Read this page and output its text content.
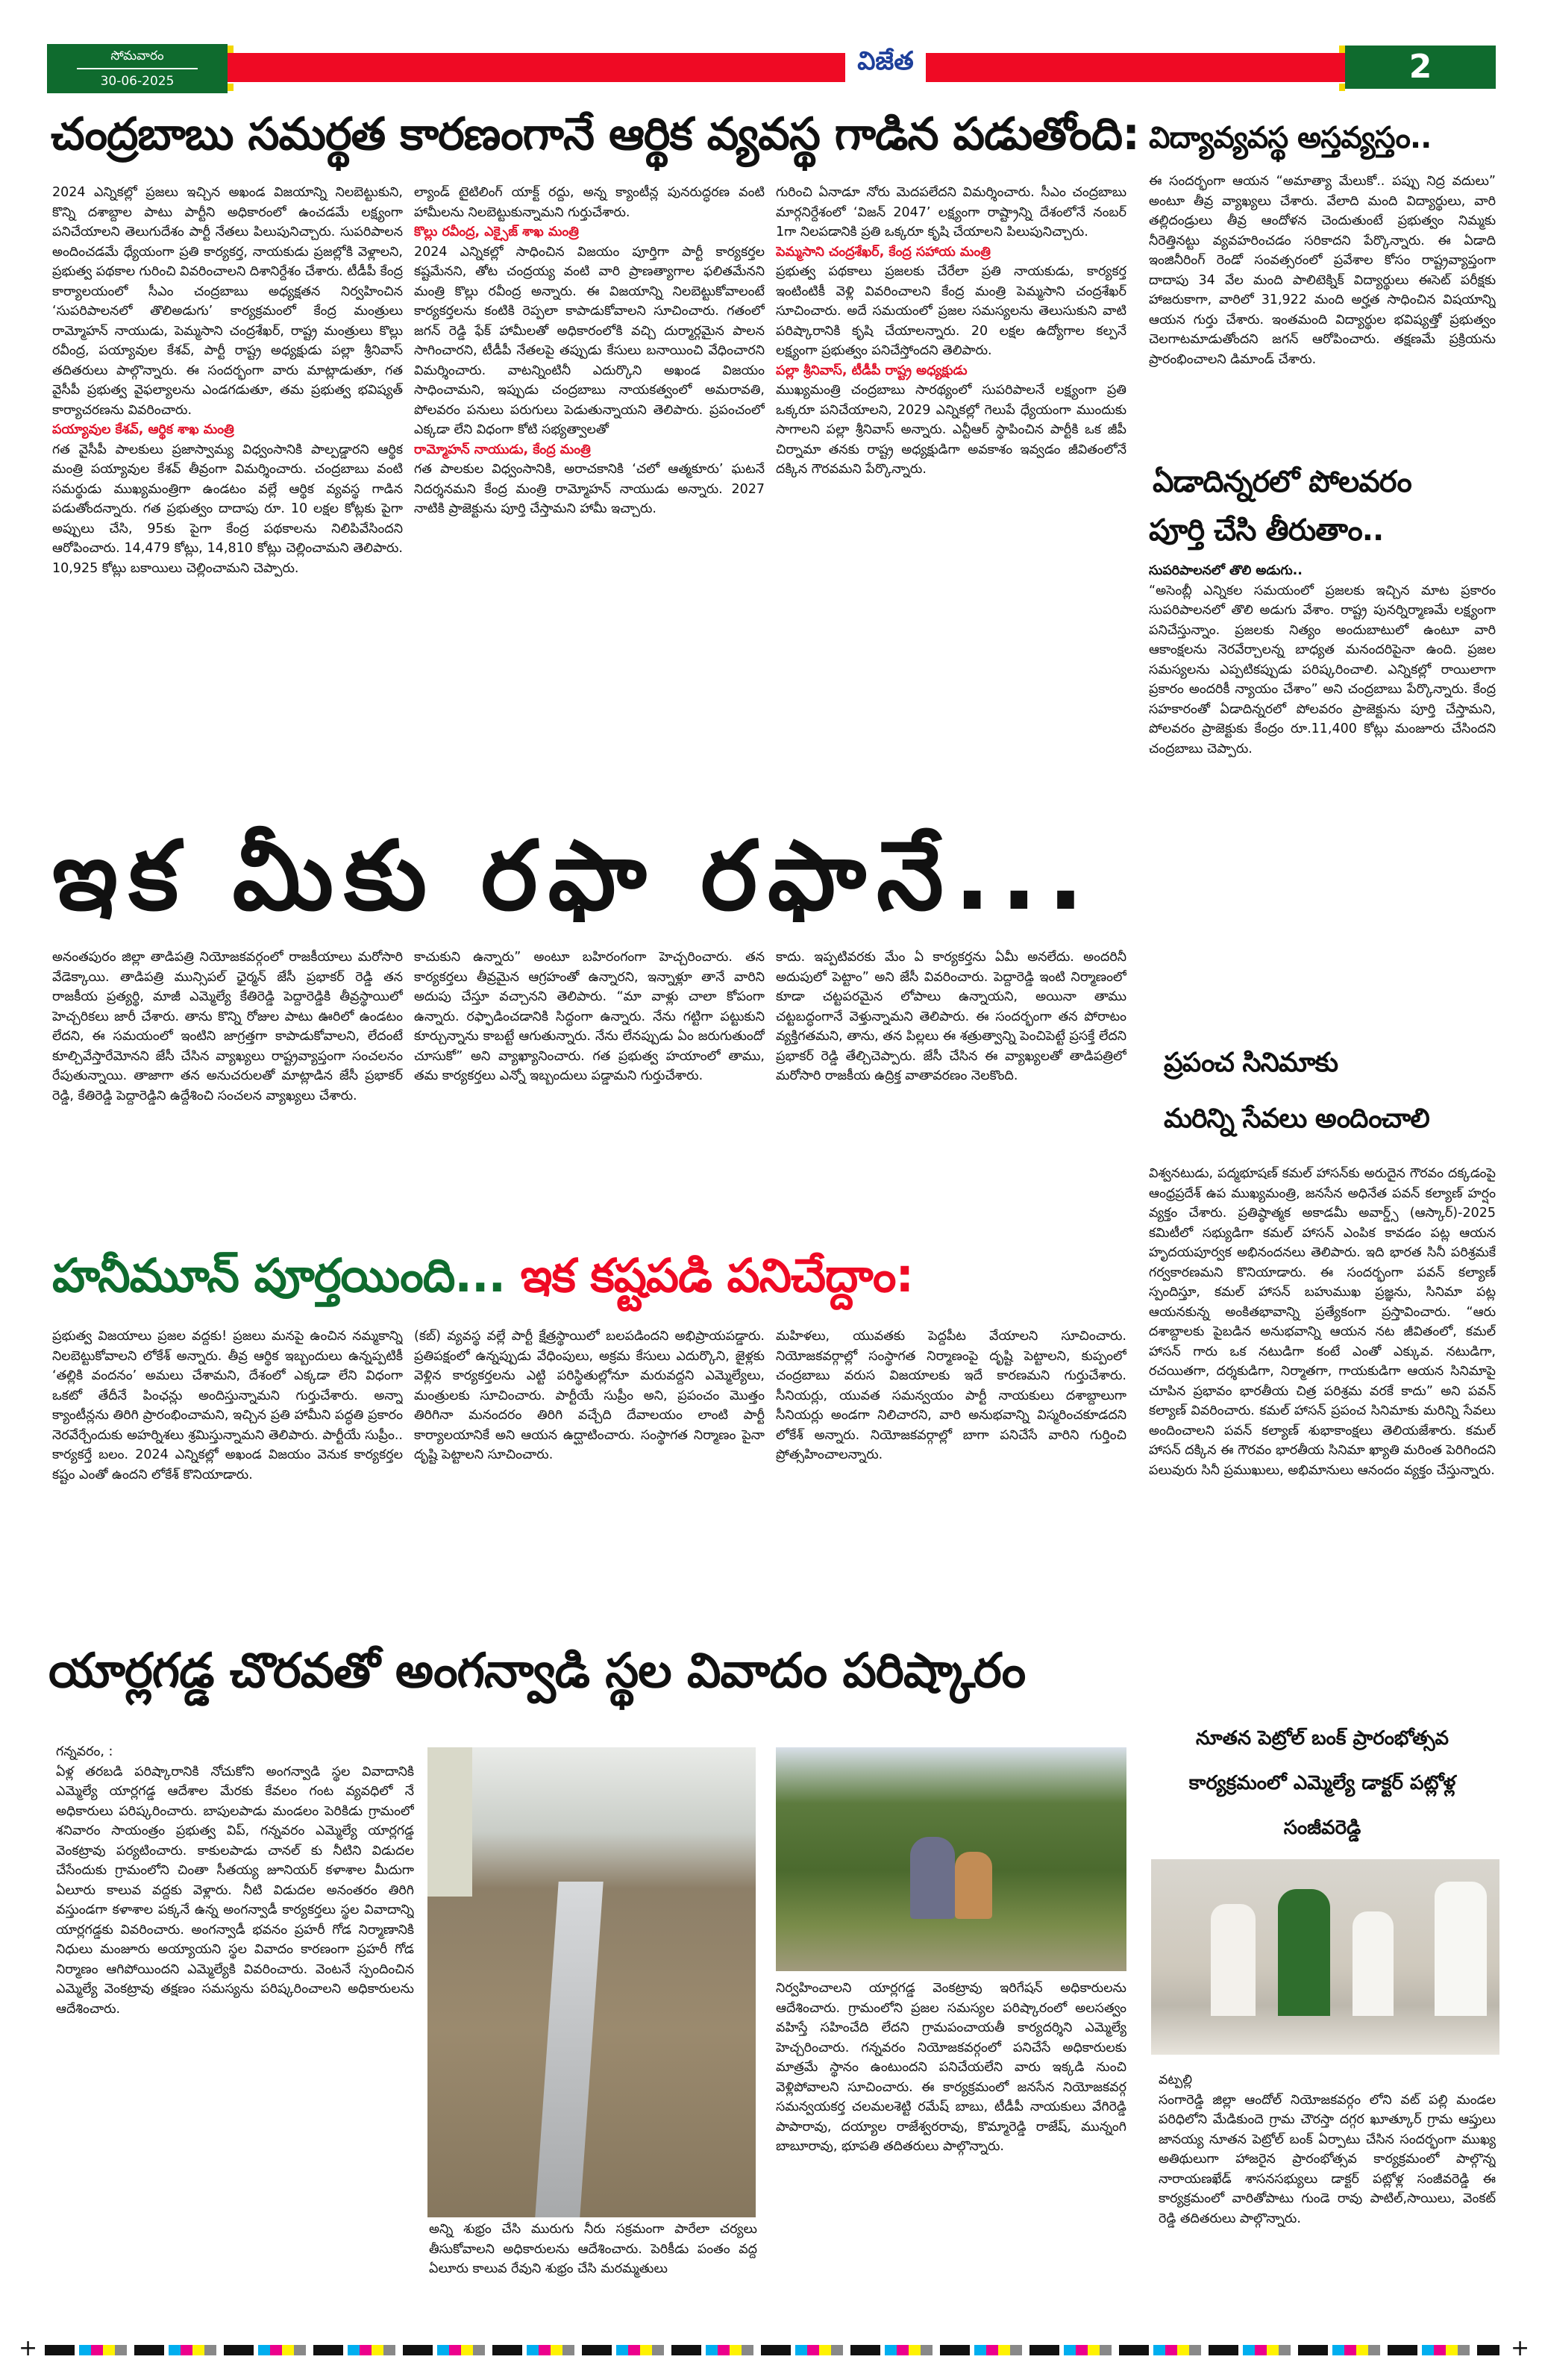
సోమవారం
30-06-2025
విజేత	2
చంద్రబాబు సమర్థత కారణంగానే ఆర్థిక వ్యవస్థ గాడిన పడుతోంది:

2024 ఎన్నికల్లో ప్రజలు ఇచ్చిన అఖండ విజయాన్ని నిలబెట్టుకుని, కొన్ని దశాబ్దాల పాటు పార్టీని అధికారంలో ఉంచడమే లక్ష్యంగా పనిచేయాలని తెలుగుదేశం పార్టీ నేతలు పిలుపునిచ్చారు. సుపరిపాలన అందించడమే ధ్యేయంగా ప్రతి కార్యకర్త, నాయకుడు ప్రజల్లోకి వెళ్లాలని, ప్రభుత్వ పథకాల గురించి వివరించాలని దిశానిర్దేశం చేశారు. టీడీపీ కేంద్ర కార్యాలయంలో సీఎం చంద్రబాబు అధ్యక్షతన నిర్వహించిన ‘సుపరిపాలనలో తొలిఅడుగు’ కార్యక్రమంలో కేంద్ర మంత్రులు రామ్మోహన్ నాయుడు, పెమ్మసాని చంద్రశేఖర్, రాష్ట్ర మంత్రులు కొల్లు రవీంద్ర, పయ్యావుల కేశవ్, పార్టీ రాష్ట్ర అధ్యక్షుడు పల్లా శ్రీనివాస్ తదితరులు పాల్గొన్నారు. ఈ సందర్భంగా వారు మాట్లాడుతూ, గత వైసీపీ ప్రభుత్వ వైఫల్యాలను ఎండగడుతూ, తమ ప్రభుత్వ భవిష్యత్ కార్యాచరణను వివరించారు.

పయ్యావుల కేశవ్, ఆర్థిక శాఖ మంత్రి

గత వైసీపీ పాలకులు ప్రజాస్వామ్య విధ్వంసానికి పాల్పడ్డారని ఆర్థిక మంత్రి పయ్యావుల కేశవ్ తీవ్రంగా విమర్శించారు. చంద్రబాబు వంటి సమర్థుడు ముఖ్యమంత్రిగా ఉండటం వల్లే ఆర్థిక వ్యవస్థ గాడిన పడుతోందన్నారు. గత ప్రభుత్వం దాదాపు రూ. 10 లక్షల కోట్లకు పైగా అప్పులు చేసి, 95కు పైగా కేంద్ర పథకాలను నిలిపివేసిందని ఆరోపించారు. 14,479 కోట్లు, 14,810 కోట్లు చెల్లించామని తెలిపారు. 10,925 కోట్లు బకాయిలు చెల్లించామని చెప్పారు.

ల్యాండ్ టైటిలింగ్ యాక్ట్ రద్దు, అన్న క్యాంటీన్ల పునరుద్ధరణ వంటి హామీలను నిలబెట్టుకున్నామని గుర్తుచేశారు.

కొల్లు రవీంద్ర, ఎక్సైజ్ శాఖ మంత్రి

2024 ఎన్నికల్లో సాధించిన విజయం పూర్తిగా పార్టీ కార్యకర్తల కష్టమేనని, తోట చంద్రయ్య వంటి వారి ప్రాణత్యాగాల ఫలితమేనని మంత్రి కొల్లు రవీంద్ర అన్నారు. ఈ విజయాన్ని నిలబెట్టుకోవాలంటే కార్యకర్తలను కంటికి రెప్పలా కాపాడుకోవాలని సూచించారు. గతంలో జగన్ రెడ్డి ఫేక్ హామీలతో అధికారంలోకి వచ్చి దుర్మార్గమైన పాలన సాగించారని, టీడీపీ నేతలపై తప్పుడు కేసులు బనాయించి వేధించారని విమర్శించారు. వాటన్నింటినీ ఎదుర్కొని అఖండ విజయం సాధించామని, ఇప్పుడు చంద్రబాబు నాయకత్వంలో అమరావతి, పోలవరం పనులు పరుగులు పెడుతున్నాయని తెలిపారు. ప్రపంచంలో ఎక్కడా లేని విధంగా కోటి సభ్యత్వాలతో

రామ్మోహన్ నాయుడు, కేంద్ర మంత్రి

గత పాలకుల విధ్వంసానికి, అరాచకానికి ‘చలో ఆత్మకూరు’ ఘటనే నిదర్శనమని కేంద్ర మంత్రి రామ్మోహన్ నాయుడు అన్నారు. 2027 నాటికి ప్రాజెక్టును పూర్తి చేస్తామని హామీ ఇచ్చారు.

గురించి ఏనాడూ నోరు మెదపలేదని విమర్శించారు. సీఎం చంద్రబాబు మార్గనిర్దేశంలో ‘విజన్ 2047’ లక్ష్యంగా రాష్ట్రాన్ని దేశంలోనే నంబర్ 1గా నిలపడానికి ప్రతి ఒక్కరూ కృషి చేయాలని పిలుపునిచ్చారు.

పెమ్మసాని చంద్రశేఖర్, కేంద్ర సహాయ మంత్రి

ప్రభుత్వ పథకాలు ప్రజలకు చేరేలా ప్రతి నాయకుడు, కార్యకర్త ఇంటింటికీ వెళ్లి వివరించాలని కేంద్ర మంత్రి పెమ్మసాని చంద్రశేఖర్ సూచించారు. అదే సమయంలో ప్రజల సమస్యలను తెలుసుకుని వాటి పరిష్కారానికి కృషి చేయాలన్నారు. 20 లక్షల ఉద్యోగాల కల్పనే లక్ష్యంగా ప్రభుత్వం పనిచేస్తోందని తెలిపారు.

పల్లా శ్రీనివాస్, టీడీపీ రాష్ట్ర అధ్యక్షుడు

ముఖ్యమంత్రి చంద్రబాబు సారథ్యంలో సుపరిపాలనే లక్ష్యంగా ప్రతి ఒక్కరూ పనిచేయాలని, 2029 ఎన్నికల్లో గెలుపే ధ్యేయంగా ముందుకు సాగాలని పల్లా శ్రీనివాస్ అన్నారు. ఎన్టీఆర్ స్థాపించిన పార్టీకి ఒక జీపీ చిర్నామా తనకు రాష్ట్ర అధ్యక్షుడిగా అవకాశం ఇవ్వడం జీవితంలోనే దక్కిన గౌరవమని పేర్కొన్నారు.

విద్యావ్యవస్థ అస్తవ్యస్తం..
ఈ సందర్భంగా ఆయన “అమాత్యా మేలుకో.. పప్పు నిద్ర వదులు” అంటూ తీవ్ర వ్యాఖ్యలు చేశారు. వేలాది మంది విద్యార్థులు, వారి తల్లిదండ్రులు తీవ్ర ఆందోళన చెందుతుంటే ప్రభుత్వం నిమ్మకు నీరెత్తినట్టు వ్యవహరించడం సరికాదని పేర్కొన్నారు. ఈ ఏడాది ఇంజినీరింగ్ రెండో సంవత్సరంలో ప్రవేశాల కోసం రాష్ట్రవ్యాప్తంగా దాదాపు 34 వేల మంది పాలిటెక్నిక్ విద్యార్థులు ఈసెట్ పరీక్షకు హాజరుకాగా, వారిలో 31,922 మంది అర్హత సాధించిన విషయాన్ని ఆయన గుర్తు చేశారు. ఇంతమంది విద్యార్థుల భవిష్యత్తో ప్రభుత్వం చెలగాటమాడుతోందని జగన్ ఆరోపించారు. తక్షణమే ప్రక్రియను ప్రారంభించాలని డిమాండ్ చేశారు.
ఏడాదిన్నరలో పోలవరం
పూర్తి చేసి తీరుతాం..

సుపరిపాలనలో తొలి అడుగు..

“అసెంబ్లీ ఎన్నికల సమయంలో ప్రజలకు ఇచ్చిన మాట ప్రకారం సుపరిపాలనలో తొలి అడుగు వేశాం. రాష్ట్ర పునర్నిర్మాణమే లక్ష్యంగా పనిచేస్తున్నాం. ప్రజలకు నిత్యం అందుబాటులో ఉంటూ వారి ఆకాంక్షలను నెరవేర్చాలన్న బాధ్యత మనందరిపైనా ఉంది. ప్రజల సమస్యలను ఎప్పటికప్పుడు పరిష్కరించాలి. ఎన్నికల్లో రాయిలాగా ప్రకారం అందరికీ న్యాయం చేశాం” అని చంద్రబాబు పేర్కొన్నారు. కేంద్ర సహకారంతో ఏడాదిన్నరలో పోలవరం ప్రాజెక్టును పూర్తి చేస్తామని, పోలవరం ప్రాజెక్టుకు కేంద్రం రూ.11,400 కోట్లు మంజూరు చేసిందని చంద్రబాబు చెప్పారు.

ప్రపంచ సినిమాకు
మరిన్ని సేవలు అందించాలి
విశ్వనటుడు, పద్మభూషణ్ కమల్ హాసన్‌కు అరుదైన గౌరవం దక్కడంపై ఆంధ్రప్రదేశ్ ఉప ముఖ్యమంత్రి, జనసేన అధినేత పవన్ కల్యాణ్ హర్షం వ్యక్తం చేశారు. ప్రతిష్ఠాత్మక అకాడమీ అవార్డ్స్ (ఆస్కార్)-2025 కమిటీలో సభ్యుడిగా కమల్ హాసన్ ఎంపిక కావడం పట్ల ఆయన హృదయపూర్వక అభినందనలు తెలిపారు. ఇది భారత సినీ పరిశ్రమకే గర్వకారణమని కొనియాడారు. ఈ సందర్భంగా పవన్ కల్యాణ్ స్పందిస్తూ, కమల్ హాసన్ బహుముఖ ప్రజ్ఞను, సినిమా పట్ల ఆయనకున్న అంకితభావాన్ని ప్రత్యేకంగా ప్రస్తావించారు. “ఆరు దశాబ్దాలకు పైబడిన అనుభవాన్ని ఆయన నట జీవితంలో, కమల్ హాసన్ గారు ఒక నటుడిగా కంటే ఎంతో ఎక్కువ. నటుడిగా, రచయితగా, దర్శకుడిగా, నిర్మాతగా, గాయకుడిగా ఆయన సినిమాపై చూపిన ప్రభావం భారతీయ చిత్ర పరిశ్రమ వరకే కాదు” అని పవన్ కల్యాణ్ వివరించారు. కమల్ హాసన్ ప్రపంచ సినిమాకు మరిన్ని సేవలు అందించాలని పవన్ కల్యాణ్ శుభాకాంక్షలు తెలియజేశారు. కమల్ హాసన్ దక్కిన ఈ గౌరవం భారతీయ సినిమా ఖ్యాతి మరింత పెరిగిందని పలువురు సినీ ప్రముఖులు, అభిమానులు ఆనందం వ్యక్తం చేస్తున్నారు.
నూతన పెట్రోల్ బంక్ ప్రారంభోత్సవ కార్యక్రమంలో ఎమ్మెల్యే డాక్టర్ పట్లోళ్ల సంజీవరెడ్డి

వట్పల్లి

సంగారెడ్డి జిల్లా ఆందోల్ నియోజకవర్గం లోని వట్ పల్లి మండల పరిధిలోని మేడికుందె గ్రామ చౌరస్తా దగ్గర ఖూత్కూర్ గ్రామ ఆప్తులు జానయ్య నూతన పెట్రోల్ బంక్ ఏర్పాటు చేసిన సందర్భంగా ముఖ్య అతిథులుగా హాజరైన ప్రారంభోత్సవ కార్యక్రమంలో పాల్గొన్న నారాయణఖేడ్ శాసనసభ్యులు డాక్టర్ పట్లోళ్ల సంజీవరెడ్డి ఈ కార్యక్రమంలో వారితోపాటు గుండె రావు పాటిల్,సాయిలు, వెంకట్ రెడ్డి తదితరులు పాల్గొన్నారు.

ఇక మీకు రఫా రఫానే...
అనంతపురం జిల్లా తాడిపత్రి నియోజకవర్గంలో రాజకీయాలు మరోసారి వేడెక్కాయి. తాడిపత్రి మున్సిపల్ ఛైర్మన్ జేసీ ప్రభాకర్ రెడ్డి తన రాజకీయ ప్రత్యర్థి, మాజీ ఎమ్మెల్యే కేతిరెడ్డి పెద్దారెడ్డికి తీవ్రస్థాయిలో హెచ్చరికలు జారీ చేశారు. తాను కొన్ని రోజుల పాటు ఊరిలో ఉండటం లేదని, ఈ సమయంలో ఇంటిని జాగ్రత్తగా కాపాడుకోవాలని, లేదంటే కూల్చివేస్తారేమోనని జేసీ చేసిన వ్యాఖ్యలు రాష్ట్రవ్యాప్తంగా సంచలనం రేపుతున్నాయి. తాజాగా తన అనుచరులతో మాట్లాడిన జేసీ ప్రభాకర్ రెడ్డి, కేతిరెడ్డి పెద్దారెడ్డిని ఉద్దేశించి సంచలన వ్యాఖ్యలు చేశారు.
కాచుకుని ఉన్నారు” అంటూ బహిరంగంగా హెచ్చరించారు. తన కార్యకర్తలు తీవ్రమైన ఆగ్రహంతో ఉన్నారని, ఇన్నాళ్లూ తానే వారిని అదుపు చేస్తూ వచ్చానని తెలిపారు. “మా వాళ్లు చాలా కోపంగా ఉన్నారు. రఫ్ఫాడించడానికి సిద్ధంగా ఉన్నారు. నేను గట్టిగా పట్టుకుని కూర్చున్నాను కాబట్టే ఆగుతున్నారు. నేను లేనప్పుడు ఏం జరుగుతుందో చూసుకో” అని వ్యాఖ్యానించారు. గత ప్రభుత్వ హయాంలో తాము, తమ కార్యకర్తలు ఎన్నో ఇబ్బందులు పడ్డామని గుర్తుచేశారు.
కాదు. ఇప్పటివరకు మేం ఏ కార్యకర్తను ఏమీ అనలేదు. అందరినీ అదుపులో పెట్టాం” అని జేసీ వివరించారు. పెద్దారెడ్డి ఇంటి నిర్మాణంలో కూడా చట్టపరమైన లోపాలు ఉన్నాయని, అయినా తాము చట్టబద్ధంగానే వెళ్తున్నామని తెలిపారు. ఈ సందర్భంగా తన పోరాటం వ్యక్తిగతమని, తాను, తన పిల్లలు ఈ శత్రుత్వాన్ని పెంచిపెట్టే ప్రసక్తే లేదని ప్రభాకర్ రెడ్డి తేల్చిచెప్పారు. జేసీ చేసిన ఈ వ్యాఖ్యలతో తాడిపత్రిలో మరోసారి రాజకీయ ఉద్రిక్త వాతావరణం నెలకొంది.
హనీమూన్ పూర్తయింది... ఇక కష్టపడి పనిచేద్దాం:
ప్రభుత్వ విజయాలు ప్రజల వద్దకు! ప్రజలు మనపై ఉంచిన నమ్మకాన్ని నిలబెట్టుకోవాలని లోకేశ్ అన్నారు. తీవ్ర ఆర్థిక ఇబ్బందులు ఉన్నప్పటికీ ‘తల్లికి వందనం’ అమలు చేశామని, దేశంలో ఎక్కడా లేని విధంగా ఒకటో తేదీనే పింఛన్లు అందిస్తున్నామని గుర్తుచేశారు. అన్నా క్యాంటీన్లను తిరిగి ప్రారంభించామని, ఇచ్చిన ప్రతి హామీని పద్ధతి ప్రకారం నెరవేర్చేందుకు అహర్నిశలు శ్రమిస్తున్నామని తెలిపారు. పార్టీయే సుప్రీం.. కార్యకర్తే బలం. 2024 ఎన్నికల్లో అఖండ విజయం వెనుక కార్యకర్తల కష్టం ఎంతో ఉందని లోకేశ్ కొనియాడారు.
(కబ్) వ్యవస్థ వల్లే పార్టీ క్షేత్రస్థాయిలో బలపడిందని అభిప్రాయపడ్డారు. ప్రతిపక్షంలో ఉన్నప్పుడు వేధింపులు, అక్రమ కేసులు ఎదుర్కొని, జైళ్లకు వెళ్లిన కార్యకర్తలను ఎట్టి పరిస్థితుల్లోనూ మరువద్దని ఎమ్మెల్యేలు, మంత్రులకు సూచించారు. పార్టీయే సుప్రీం అని, ప్రపంచం మొత్తం తిరిగినా మనందరం తిరిగి వచ్చేది దేవాలయం లాంటి పార్టీ కార్యాలయానికే అని ఆయన ఉద్ఘాటించారు. సంస్థాగత నిర్మాణం పైనా దృష్టి పెట్టాలని సూచించారు.
మహిళలు, యువతకు పెద్దపీట వేయాలని సూచించారు. నియోజకవర్గాల్లో సంస్థాగత నిర్మాణంపై దృష్టి పెట్టాలని, కుప్పంలో చంద్రబాబు వరుస విజయాలకు ఇదే కారణమని గుర్తుచేశారు. సీనియర్లు, యువత సమన్వయం పార్టీ నాయకులు దశాబ్దాలుగా సీనియర్లు అండగా నిలిచారని, వారి అనుభవాన్ని విస్మరించకూడదని లోకేశ్ అన్నారు. నియోజకవర్గాల్లో బాగా పనిచేసే వారిని గుర్తించి ప్రోత్సహించాలన్నారు.
యార్లగడ్డ చొరవతో అంగన్వాడి స్థల వివాదం పరిష్కారం

గన్నవరం, :

ఏళ్ల తరబడి పరిష్కారానికి నోచుకోని అంగన్వాడి స్థల వివాదానికి ఎమ్మెల్యే యార్లగడ్డ ఆదేశాల మేరకు కేవలం గంట వ్యవధిలో నే అధికారులు పరిష్కరించారు. బాపులపాడు మండలం పెరికిడు గ్రామంలో శనివారం సాయంత్రం ప్రభుత్వ విప్, గన్నవరం ఎమ్మెల్యే యార్లగడ్డ వెంకట్రావు పర్యటించారు. కాకులపాడు చానల్ కు నీటిని విడుదల చేసేందుకు గ్రామంలోని చింతా సీతయ్య జూనియర్ కళాశాల మీదుగా ఏలూరు కాలువ వద్దకు వెళ్లారు. నీటి విడుదల అనంతరం తిరిగి వస్తుండగా కళాశాల పక్కనే ఉన్న అంగన్వాడీ కార్యకర్తలు స్థల వివాదాన్ని యార్లగడ్డకు వివరించారు. అంగన్వాడీ భవనం ప్రహరీ గోడ నిర్మాణానికి నిధులు మంజూరు అయ్యాయని స్థల వివాదం కారణంగా ప్రహరీ గోడ నిర్మాణం ఆగిపోయిందని ఎమ్మెల్యేకి వివరించారు. వెంటనే స్పందించిన ఎమ్మెల్యే వెంకట్రావు తక్షణం సమస్యను పరిష్కరించాలని అధికారులను ఆదేశించారు.

అన్ని శుభ్రం చేసి మురుగు నీరు సక్రమంగా పారేలా చర్యలు తీసుకోవాలని అధికారులను ఆదేశించారు. పెరికీడు పంతం వద్ద ఏలూరు కాలువ రేవుని శుభ్రం చేసి మరమ్మతులు
నిర్వహించాలని యార్లగడ్డ వెంకట్రావు ఇరిగేషన్ అధికారులను ఆదేశించారు. గ్రామంలోని ప్రజల సమస్యల పరిష్కారంలో అలసత్వం వహిస్తే సహించేది లేదని గ్రామపంచాయతీ కార్యదర్శిని ఎమ్మెల్యే హెచ్చరించారు. గన్నవరం నియోజకవర్గంలో పనిచేసే అధికారులకు మాత్రమే స్థానం ఉంటుందని పనిచేయలేని వారు ఇక్కడి నుంచి వెళ్లిపోవాలని సూచించారు. ఈ కార్యక్రమంలో జనసేన నియోజకవర్గ సమన్వయకర్త చలమలశెట్టి రమేష్ బాబు, టీడీపీ నాయకులు వేగిరెడ్డి పాపారావు, దయ్యాల రాజేశ్వరరావు, కొమ్మారెడ్డి రాజేష్, మున్నంగి బాబూరావు, భూపతి తదితరులు పాల్గొన్నారు.
+	+
